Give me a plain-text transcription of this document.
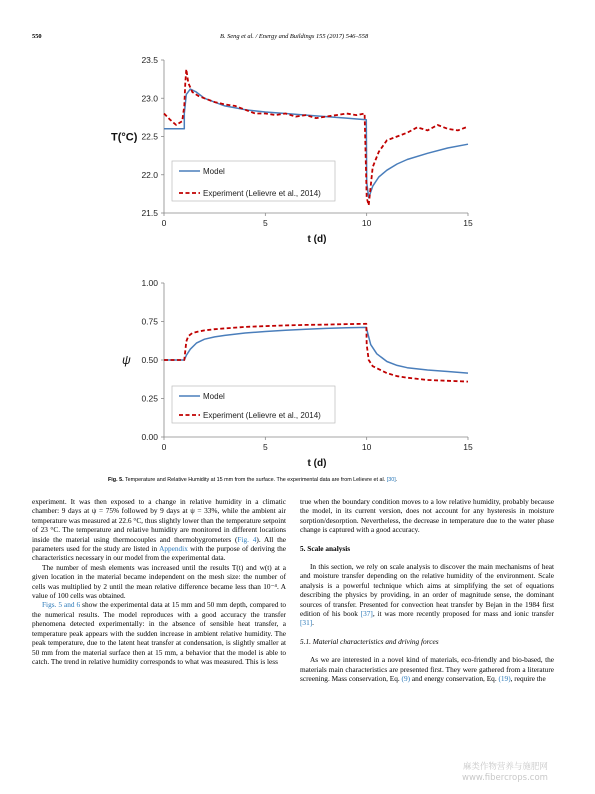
550	B. Seng et al. / Energy and Buildings 155 (2017) 546–558
21.5
22.0
22.5
23.0
23.5
0	5	10	15
t (d)
T(°C)
Model
Experiment (Lelievre et al., 2014)
0.00
0.25
0.50
0.75
1.00
0	5	10	15
t (d)
ψ
Model
Experiment (Lelievre et al., 2014)
Fig. 5. Temperature and Relative Humidity at 15 mm from the surface. The experimental data are from Lelievre et al. [30].

experiment. It was then exposed to a change in relative humidity in a climatic chamber: 9 days at ψ = 75% followed by 9 days at ψ = 33%, while the ambient air temperature was measured at 22.6 °C, thus slightly lower than the temperature setpoint of 23 °C. The temperature and relative humidity are monitored in different locations inside the material using thermocouples and thermohygrometers (Fig. 4). All the parameters used for the study are listed in Appendix with the purpose of deriving the characteristics necessary in our model from the experimental data.

The number of mesh elements was increased until the results T(t) and w(t) at a given location in the material became independent on the mesh size: the number of cells was multiplied by 2 until the mean relative difference became less than 10⁻⁴. A value of 100 cells was obtained.

Figs. 5 and 6 show the experimental data at 15 mm and 50 mm depth, compared to the numerical results. The model reproduces with a good accuracy the transfer phenomena detected experimentally: in the absence of sensible heat transfer, a temperature peak appears with the sudden increase in ambient relative humidity. The peak temperature, due to the latent heat transfer at condensation, is slightly smaller at 50 mm from the material surface then at 15 mm, a behavior that the model is able to catch. The trend in relative humidity corresponds to what was measured. This is less

true when the boundary condition moves to a low relative humidity, probably because the model, in its current version, does not account for any hysteresis in moisture sorption/desorption. Nevertheless, the decrease in temperature due to the water phase change is captured with a good accuracy.

5. Scale analysis

In this section, we rely on scale analysis to discover the main mechanisms of heat and moisture transfer depending on the relative humidity of the environment. Scale analysis is a powerful technique which aims at simplifying the set of equations describing the physics by providing, in an order of magnitude sense, the dominant sources of transfer. Presented for convection heat transfer by Bejan in the 1984 first edition of his book [37], it was more recently proposed for mass and ionic transfer [31].

5.1. Material characteristics and driving forces

As we are interested in a novel kind of materials, eco-friendly and bio-based, the materials main characteristics are presented first. They were gathered from a literature screening. Mass conservation, Eq. (9) and energy conservation, Eq. (19), require the

麻类作物营养与施肥网
www.fibercrops.com
